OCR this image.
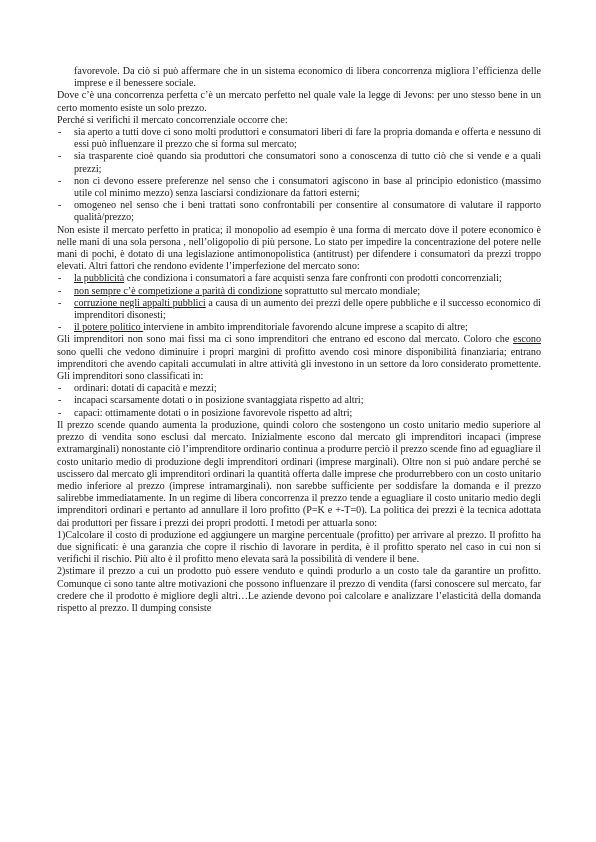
favorevole. Da ciò si può affermare che in un sistema economico di libera concorrenza migliora l’efficienza delle imprese e il benessere sociale.

Dove c’è una concorrenza perfetta c’è un mercato perfetto nel quale vale la legge di Jevons: per uno stesso bene in un certo momento esiste un solo prezzo.

Perché si verifichi il mercato concorrenziale occorre che:

- sia aperto a tutti dove ci sono molti produttori e consumatori liberi di fare la propria domanda e offerta e nessuno di essi può influenzare il prezzo che si forma sul mercato;

- sia trasparente cioè quando sia produttori che consumatori sono a conoscenza di tutto ciò che si vende e a quali prezzi;

- non ci devono essere preferenze nel senso che i consumatori agiscono in base al principio edonistico (massimo utile col minimo mezzo) senza lasciarsi condizionare da fattori esterni;

- omogeneo nel senso che i beni trattati sono confrontabili per consentire al consumatore di valutare il rapporto qualità/prezzo;

Non esiste il mercato perfetto in pratica; il monopolio ad esempio è una forma di mercato dove il potere economico è nelle mani di una sola persona , nell’oligopolio di più persone. Lo stato per impedire la concentrazione del potere nelle mani di pochi, è dotato di una legislazione antimonopolistica (antitrust) per difendere i consumatori da prezzi troppo elevati. Altri fattori che rendono evidente l’imperfezione del mercato sono:

- la pubblicità che condiziona i consumatori a fare acquisti senza fare confronti con prodotti concorrenziali;

- non sempre c’è competizione a parità di condizione soprattutto sul mercato mondiale;

- corruzione negli appalti pubblici a causa di un aumento dei prezzi delle opere pubbliche e il successo economico di imprenditori disonesti;

- il potere politico interviene in ambito imprenditoriale favorendo alcune imprese a scapito di altre;

Gli imprenditori non sono mai fissi ma ci sono imprenditori che entrano ed escono dal mercato. Coloro che escono sono quelli che vedono diminuire i propri margini di profitto avendo così minore disponibilità finanziaria; entrano imprenditori che avendo capitali accumulati in altre attività gli investono in un settore da loro considerato promettente. Gli imprenditori sono classificati in:

- ordinari: dotati di capacità e mezzi;

- incapaci scarsamente dotati o in posizione svantaggiata rispetto ad altri;

- capaci: ottimamente dotati o in posizione favorevole rispetto ad altri;

Il prezzo scende quando aumenta la produzione, quindi coloro che sostengono un costo unitario medio superiore al prezzo di vendita sono esclusi dal mercato. Inizialmente escono dal mercato gli imprenditori incapaci (imprese extramarginali) nonostante ciò l’imprenditore ordinario continua a produrre perciò il prezzo scende fino ad eguagliare il costo unitario medio di produzione degli imprenditori ordinari (imprese marginali). Oltre non si può andare perché se uscissero dal mercato gli imprenditori ordinari la quantità offerta dalle imprese che produrrebbero con un costo unitario medio inferiore al prezzo (imprese intramarginali). non sarebbe sufficiente per soddisfare la domanda e il prezzo salirebbe immediatamente. In un regime di libera concorrenza il prezzo tende a eguagliare il costo unitario medio degli imprenditori ordinari e pertanto ad annullare il loro profitto (P=K e +-T=0). La politica dei prezzi è la tecnica adottata dai produttori per fissare i prezzi dei propri prodotti. I metodi per attuarla sono:

1)Calcolare il costo di produzione ed aggiungere un margine percentuale (profitto) per arrivare al prezzo. Il profitto ha due significati: è una garanzia che copre il rischio di lavorare in perdita, è il profitto sperato nel caso in cui non si verifichi il rischio. Più alto è il profitto meno elevata sarà la possibilità di vendere il bene.

2)stimare il prezzo a cui un prodotto può essere venduto e quindi produrlo a un costo tale da garantire un profitto. Comunque ci sono tante altre motivazioni che possono influenzare il prezzo di vendita (farsi conoscere sul mercato, far credere che il prodotto è migliore degli altri…Le aziende devono poi calcolare e analizzare l’elasticità della domanda rispetto al prezzo. Il dumping consiste
